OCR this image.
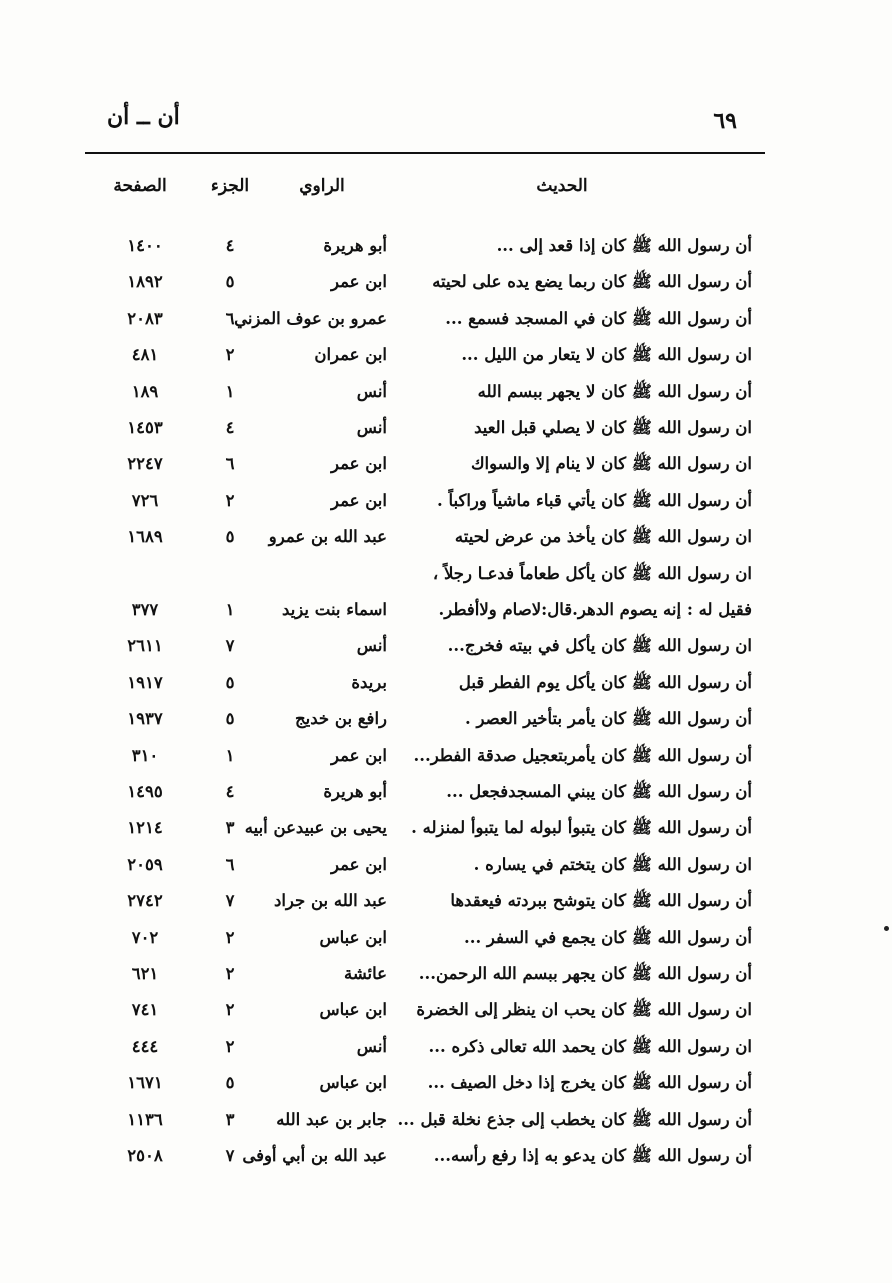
أن ــ أن	٦٩
الحديث
الراوي
الجزء
الصفحة
أن رسول الله ﷺ كان إذا قعد إلى ...
أبو هريرة
٤
١٤٠٠
أن رسول الله ﷺ كان ربما يضع يده على لحيته
ابن عمر
٥
١٨٩٢
أن رسول الله ﷺ كان في المسجد فسمع ...
عمرو بن عوف المزني
٦
٢٠٨٣
ان رسول الله ﷺ كان لا يتعار من الليل ...
ابن عمران
٢
٤٨١
أن رسول الله ﷺ كان لا يجهر ببسم الله
أنس
١
١٨٩
ان رسول الله ﷺ كان لا يصلي قبل العيد
أنس
٤
١٤٥٣
ان رسول الله ﷺ كان لا ينام إلا والسواك
ابن عمر
٦
٢٢٤٧
أن رسول الله ﷺ كان يأتي قباء ماشياً وراكباً .
ابن عمر
٢
٧٢٦
ان رسول الله ﷺ كان يأخذ من عرض لحيته
عبد الله بن عمرو
٥
١٦٨٩
ان رسول الله ﷺ كان يأكل طعاماً فدعـا رجلاً ،
فقيل له : إنه يصوم الدهر.قال:لاصام ولاأفطر.
اسماء بنت يزيد
١
٣٧٧
ان رسول الله ﷺ كان يأكل في بيته فخرج...
أنس
٧
٢٦١١
أن رسول الله ﷺ كان يأكل يوم الفطر قبل
بريدة
٥
١٩١٧
أن رسول الله ﷺ كان يأمر بتأخير العصر .
رافع بن خديج
٥
١٩٣٧
أن رسول الله ﷺ كان يأمربتعجيل صدقة الفطر...
ابن عمر
١
٣١٠
أن رسول الله ﷺ كان يبني المسجدفجعل ...
أبو هريرة
٤
١٤٩٥
أن رسول الله ﷺ كان يتبوأ لبوله لما يتبوأ لمنزله .
يحيى بن عبيدعن أبيه
٣
١٢١٤
ان رسول الله ﷺ كان يتختم في يساره .
ابن عمر
٦
٢٠٥٩
أن رسول الله ﷺ كان يتوشح ببردته فيعقدها
عبد الله بن جراد
٧
٢٧٤٢
أن رسول الله ﷺ كان يجمع في السفر ...
ابن عباس
٢
٧٠٢
أن رسول الله ﷺ كان يجهر ببسم الله الرحمن...
عائشة
٢
٦٢١
ان رسول الله ﷺ كان يحب ان ينظر إلى الخضرة
ابن عباس
٢
٧٤١
ان رسول الله ﷺ كان يحمد الله تعالى ذكره ...
أنس
٢
٤٤٤
أن رسول الله ﷺ كان يخرج إذا دخل الصيف ...
ابن عباس
٥
١٦٧١
أن رسول الله ﷺ كان يخطب إلى جذع نخلة قبل ...
جابر بن عبد الله
٣
١١٣٦
أن رسول الله ﷺ كان يدعو به إذا رفع رأسه...
عبد الله بن أبي أوفى
٧
٢٥٠٨
